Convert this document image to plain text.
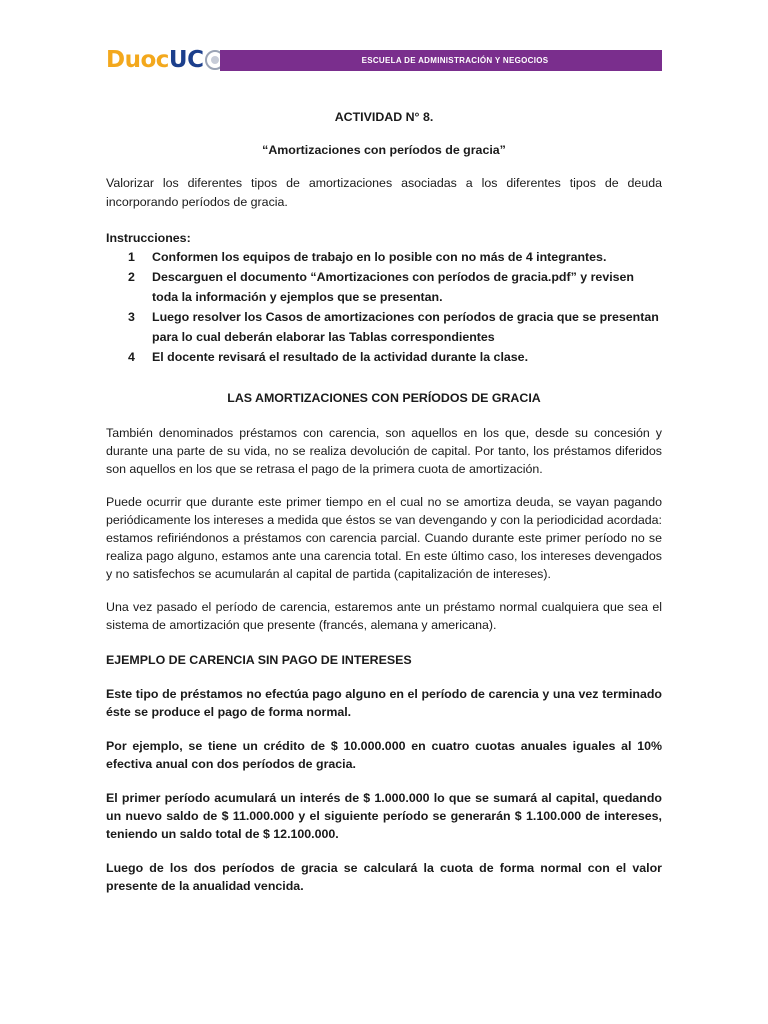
Duoc UC	ESCUELA DE ADMINISTRACIÓN Y NEGOCIOS

ACTIVIDAD N° 8.

“Amortizaciones con períodos de gracia”

Valorizar los diferentes tipos de amortizaciones asociadas a los diferentes tipos de deuda incorporando períodos de gracia.

Instrucciones:

1 Conformen los equipos de trabajo en lo posible con no más de 4 integrantes.
2 Descarguen el documento “Amortizaciones con períodos de gracia.pdf” y revisen toda la información y ejemplos que se presentan.
3 Luego resolver los Casos de amortizaciones con períodos de gracia que se presentan para lo cual deberán elaborar las Tablas correspondientes
4 El docente revisará el resultado de la actividad durante la clase.

LAS AMORTIZACIONES CON PERÍODOS DE GRACIA

También denominados préstamos con carencia, son aquellos en los que, desde su concesión y durante una parte de su vida, no se realiza devolución de capital. Por tanto, los préstamos diferidos son aquellos en los que se retrasa el pago de la primera cuota de amortización.

Puede ocurrir que durante este primer tiempo en el cual no se amortiza deuda, se vayan pagando periódicamente los intereses a medida que éstos se van devengando y con la periodicidad acordada: estamos refiriéndonos a préstamos con carencia parcial. Cuando durante este primer período no se realiza pago alguno, estamos ante una carencia total. En este último caso, los intereses devengados y no satisfechos se acumularán al capital de partida (capitalización de intereses).

Una vez pasado el período de carencia, estaremos ante un préstamo normal cualquiera que sea el sistema de amortización que presente (francés, alemana y americana).

EJEMPLO DE CARENCIA SIN PAGO DE INTERESES

Este tipo de préstamos no efectúa pago alguno en el período de carencia y una vez terminado éste se produce el pago de forma normal.

Por ejemplo, se tiene un crédito de $ 10.000.000 en cuatro cuotas anuales iguales al 10% efectiva anual con dos períodos de gracia.

El primer período acumulará un interés de $ 1.000.000 lo que se sumará al capital, quedando un nuevo saldo de $ 11.000.000 y el siguiente período se generarán $ 1.100.000 de intereses, teniendo un saldo total de $ 12.100.000.

Luego de los dos períodos de gracia se calculará la cuota de forma normal con el valor presente de la anualidad vencida.
